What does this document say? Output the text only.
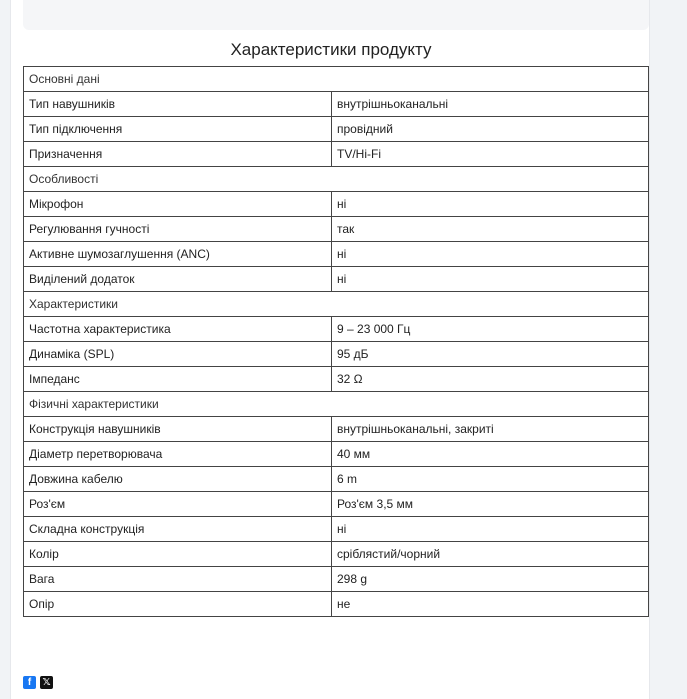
Характеристики продукту
Основні дані	
Тип навушників	внутрішньоканальні
Тип підключення	провідний
Призначення	TV/Hi-Fi
Особливості	
Мікрофон	ні
Регулювання гучності	так
Активне шумозаглушення (ANC)	ні
Виділений додаток	ні
Характеристики	
Частотна характеристика	9 – 23 000 Гц
Динаміка (SPL)	95 дБ
Імпеданс	32 Ω
Фізичні характеристики	
Конструкція навушників	внутрішньоканальні, закриті
Діаметр перетворювача	40 мм
Довжина кабелю	6 m
Роз'єм	Роз'єм 3,5 мм
Складна конструкція	ні
Колір	сріблястий/чорний
Вага	298 g
Опір	не
f 𝕏
